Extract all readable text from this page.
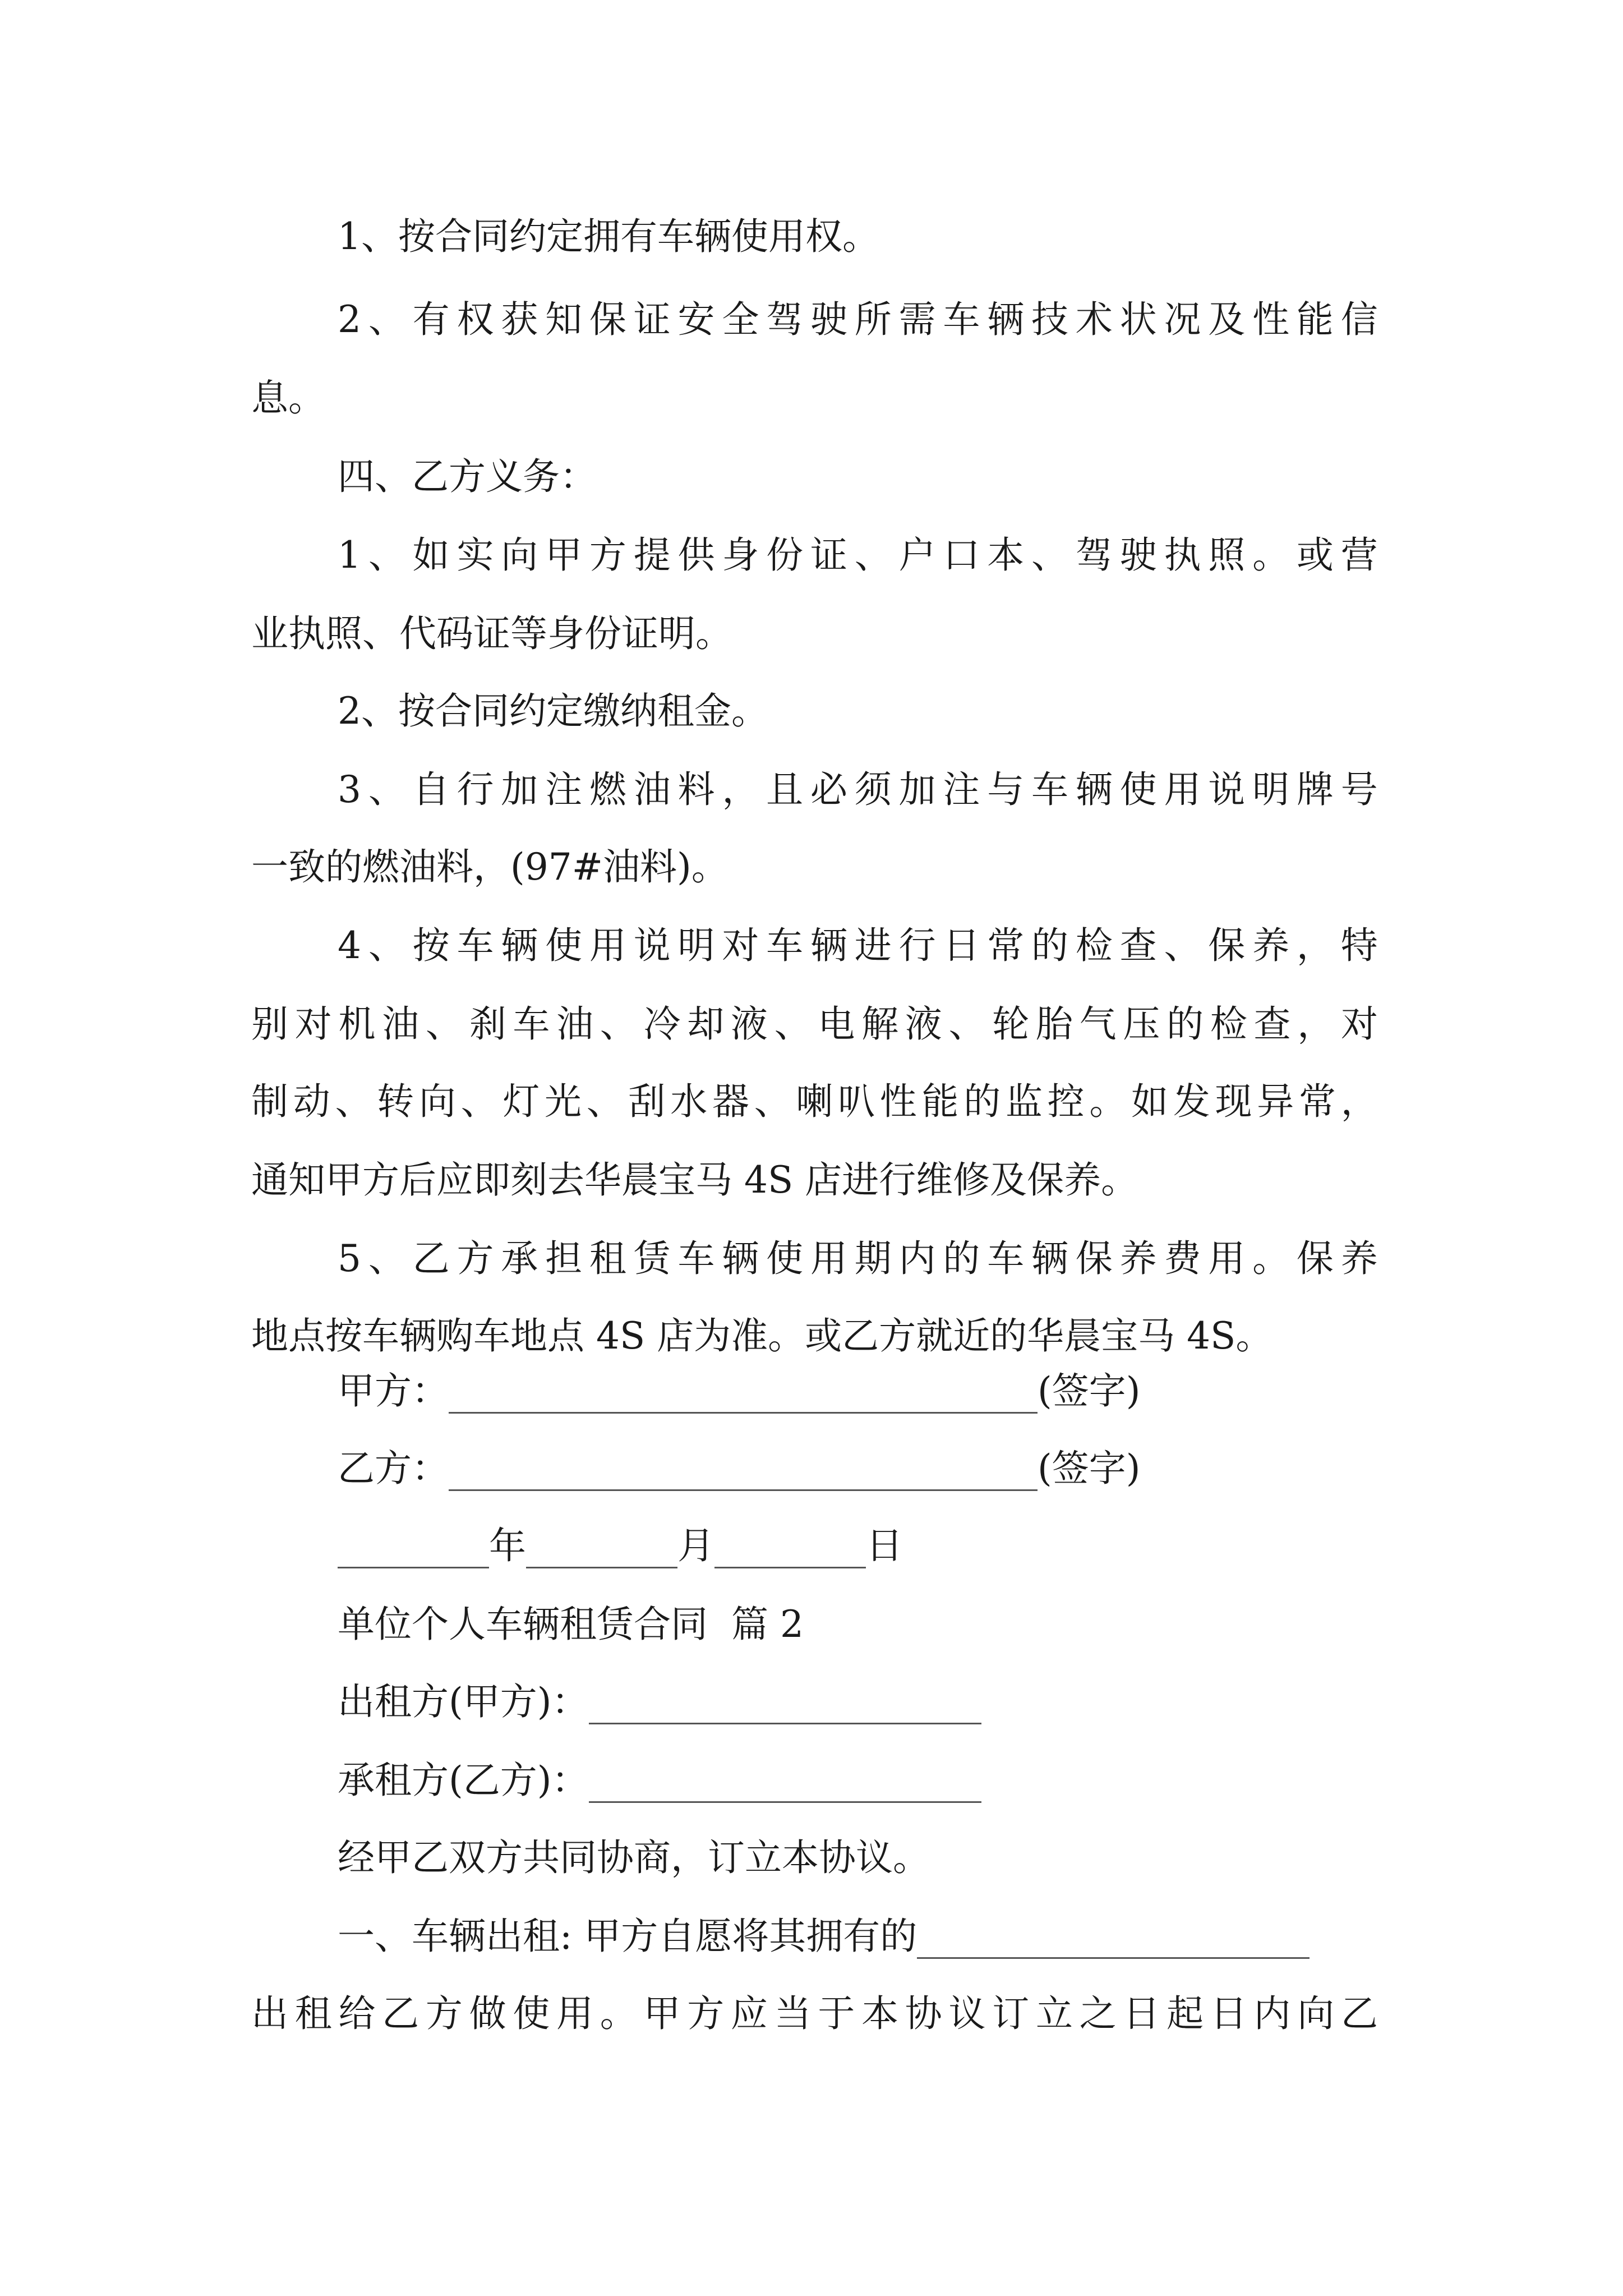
1、按合同约定拥有车辆使用权。
2 、 有 权 获 知 保 证 安 全 驾 驶 所 需 车 辆 技 术 状 况 及 性 能 信
息。
四、乙方义务：
1 、 如 实 向 甲 方 提 供 身 份 证 、 户 口 本 、 驾 驶 执 照 。 或 营
业执照、代码证等身份证明。
2、按合同约定缴纳租金。
3 、 自 行 加 注 燃 油 料 ， 且 必 须 加 注 与 车 辆 使 用 说 明 牌 号
一致的燃油料，(97#油料)。
4 、 按 车 辆 使 用 说 明 对 车 辆 进 行 日 常 的 检 查 、 保 养 ， 特
别 对 机 油 、 刹 车 油 、 冷 却 液 、 电 解 液 、 轮 胎 气 压 的 检 查 ， 对
制 动 、 转 向 、 灯 光 、 刮 水 器 、 喇 叭 性 能 的 监 控 。 如 发 现 异 常 ，
通知甲方后应即刻去华晨宝马 4S 店进行维修及保养。
5 、 乙 方 承 担 租 赁 车 辆 使 用 期 内 的 车 辆 保 养 费 用 。 保 养
地点按车辆购车地点 4S 店为准。或乙方就近的华晨宝马 4S。
甲方：	(签字)
乙方：	(签字)
年	月	日
单位个人车辆租赁合同  篇 2
出租方(甲方)：
承租方(乙方)：
经甲乙双方共同协商，订立本协议。
一、车辆出租: 甲方自愿将其拥有的
出 租 给 乙 方 做 使 用 。 甲 方 应 当 于 本 协 议 订 立 之 日 起 日 内 向 乙
